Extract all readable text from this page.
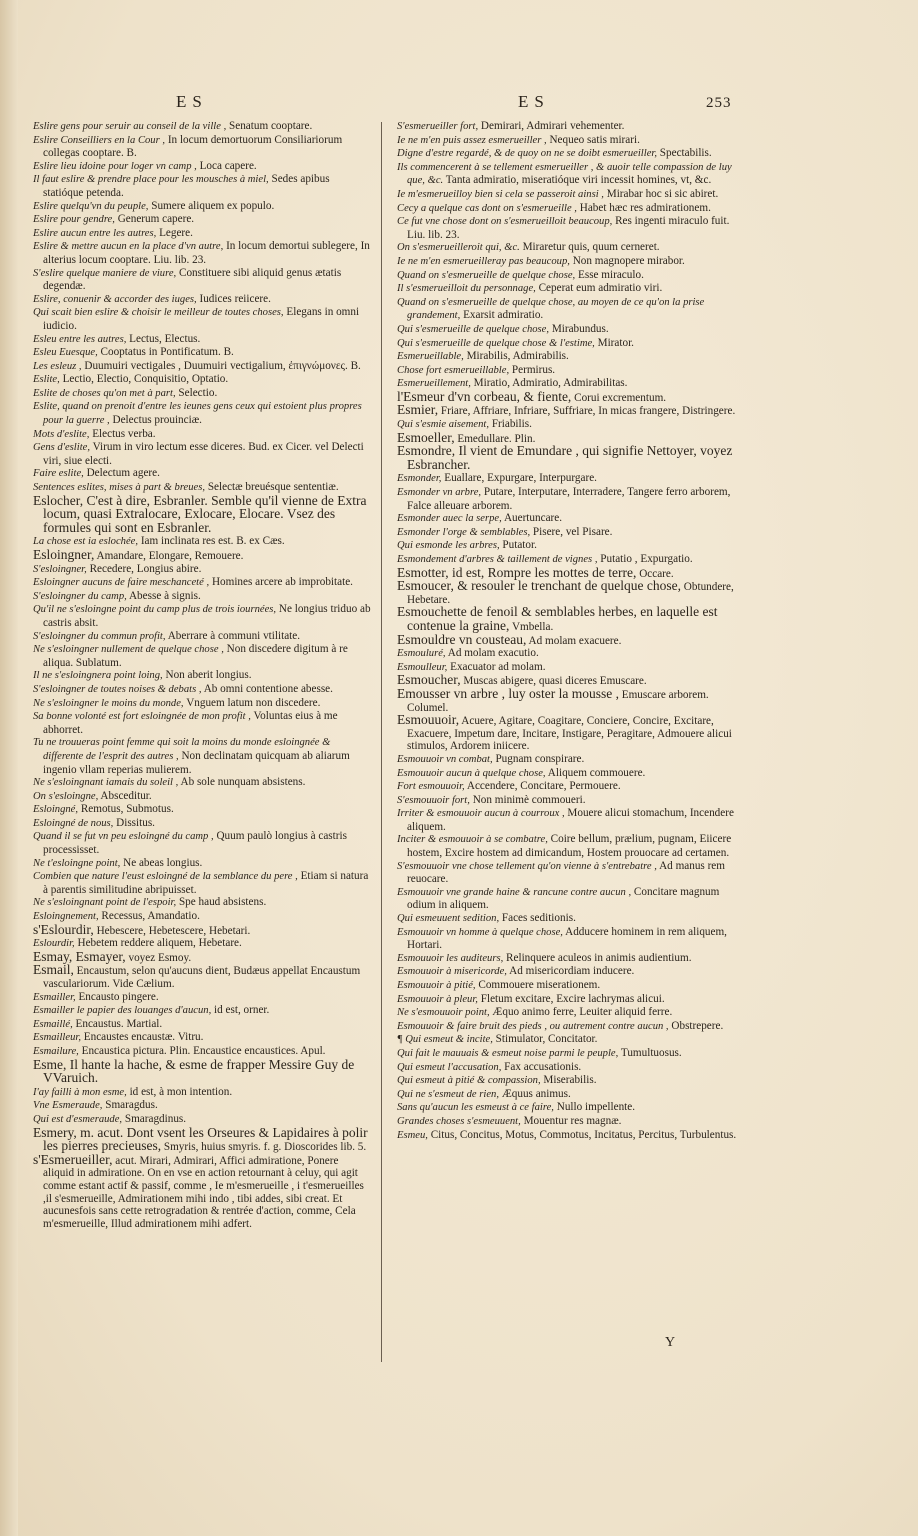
ES	ES	253

Eslire gens pour seruir au conseil de la ville , Senatum cooptare.

Eslire Conseilliers en la Cour , In locum demortuorum Consiliariorum collegas cooptare. B.

Eslire lieu idoine pour loger vn camp , Loca capere.

Il faut eslire & prendre place pour les mousches à miel, Sedes apibus statióque petenda.

Eslire quelqu'vn du peuple, Sumere aliquem ex populo.

Eslire pour gendre, Generum capere.

Eslire aucun entre les autres, Legere.

Eslire & mettre aucun en la place d'vn autre, In locum demortui sublegere, In alterius locum cooptare. Liu. lib. 23.

S'eslire quelque maniere de viure, Constituere sibi aliquid genus ætatis degendæ.

Eslire, conuenir & accorder des iuges, Iudices reiicere.

Qui scait bien eslire & choisir le meilleur de toutes choses, Elegans in omni iudicio.

Esleu entre les autres, Lectus, Electus.

Esleu Euesque, Cooptatus in Pontificatum. B.

Les esleuz , Duumuiri vectigales , Duumuiri vectigalium, ἐπιγνώμονες. B.

Eslite, Lectio, Electio, Conquisitio, Optatio.

Eslite de choses qu'on met à part, Selectio.

Eslite, quand on prenoit d'entre les ieunes gens ceux qui estoient plus propres pour la guerre , Delectus prouinciæ.

Mots d'eslite, Electus verba.

Gens d'eslite, Virum in viro lectum esse diceres. Bud. ex Cicer. vel Delecti viri, siue electi.

Faire eslite, Delectum agere.

Sentences eslites, mises à part & breues, Selectæ breuésque sententiæ.

Eslocher, C'est à dire, Esbranler. Semble qu'il vienne de Extra locum, quasi Extralocare, Exlocare, Elocare. Vsez des formules qui sont en Esbranler.

La chose est ia eslochée, Iam inclinata res est. B. ex Cæs.

Esloingner, Amandare, Elongare, Remouere.

S'esloingner, Recedere, Longius abire.

Esloingner aucuns de faire meschanceté , Homines arcere ab improbitate.

S'esloingner du camp, Abesse à signis.

Qu'il ne s'esloingne point du camp plus de trois iournées, Ne longius triduo ab castris absit.

S'esloingner du commun profit, Aberrare à communi vtilitate.

Ne s'esloingner nullement de quelque chose , Non discedere digitum à re aliqua. Sublatum.

Il ne s'esloingnera point loing, Non aberit longius.

S'esloingner de toutes noises & debats , Ab omni contentione abesse.

Ne s'esloingner le moins du monde, Vnguem latum non discedere.

Sa bonne volonté est fort esloingnée de mon profit , Voluntas eius à me abhorret.

Tu ne trouueras point femme qui soit la moins du monde esloingnée & differente de l'esprit des autres , Non declinatam quicquam ab aliarum ingenio vllam reperias mulierem.

Ne s'esloingnant iamais du soleil , Ab sole nunquam absistens.

On s'esloingne, Absceditur.

Esloingné, Remotus, Submotus.

Esloingné de nous, Dissitus.

Quand il se fut vn peu esloingné du camp , Quum paulò longius à castris processisset.

Ne t'esloingne point, Ne abeas longius.

Combien que nature l'eust esloingné de la semblance du pere , Etiam si natura à parentis similitudine abripuisset.

Ne s'esloingnant point de l'espoir, Spe haud absistens.

Esloingnement, Recessus, Amandatio.

s'Eslourdir, Hebescere, Hebetescere, Hebetari.

Eslourdir, Hebetem reddere aliquem, Hebetare.

Esmay, Esmayer, voyez Esmoy.

Esmail, Encaustum, selon qu'aucuns dient, Budæus appellat Encaustum vasculariorum. Vide Cælium.

Esmailler, Encausto pingere.

Esmailler le papier des louanges d'aucun, id est, orner.

Esmaillé, Encaustus. Martial.

Esmailleur, Encaustes encaustæ. Vitru.

Esmailure, Encaustica pictura. Plin. Encaustice encaustices. Apul.

Esme, Il hante la hache, & esme de frapper Messire Guy de VVaruich.

I'ay failli à mon esme, id est, à mon intention.

Vne Esmeraude, Smaragdus.

Qui est d'esmeraude, Smaragdinus.

Esmery, m. acut. Dont vsent les Orseures & Lapidaires à polir les pierres precieuses, Smyris, huius smyris. f. g. Dioscorides lib. 5.

s'Esmerueiller, acut. Mirari, Admirari, Affici admiratione, Ponere aliquid in admiratione. On en vse en action retournant à celuy, qui agit comme estant actif & passif, comme , Ie m'esmerueille , i t'esmerueilles ,il s'esmerueille, Admirationem mihi indo , tibi addes, sibi creat. Et aucunesfois sans cette retrogradation & rentrée d'action, comme, Cela m'esmerueille, Illud admirationem mihi adfert.

S'esmerueiller fort, Demirari, Admirari vehementer.

Ie ne m'en puis assez esmerueiller , Nequeo satis mirari.

Digne d'estre regardé, & de quoy on ne se doibt esmerueiller, Spectabilis.

Ils commencerent à se tellement esmerueiller , & auoir telle compassion de luy que, &c. Tanta admiratio, miseratióque viri incessit homines, vt, &c.

Ie m'esmerueilloy bien si cela se passeroit ainsi , Mirabar hoc si sic abiret.

Cecy a quelque cas dont on s'esmerueille , Habet hæc res admirationem.

Ce fut vne chose dont on s'esmerueilloit beaucoup, Res ingenti miraculo fuit. Liu. lib. 23.

On s'esmerueilleroit qui, &c. Miraretur quis, quum cerneret.

Ie ne m'en esmerueilleray pas beaucoup, Non magnopere mirabor.

Quand on s'esmerueille de quelque chose, Esse miraculo.

Il s'esmerueilloit du personnage, Ceperat eum admiratio viri.

Quand on s'esmerueille de quelque chose, au moyen de ce qu'on la prise grandement, Exarsit admiratio.

Qui s'esmerueille de quelque chose, Mirabundus.

Qui s'esmerueille de quelque chose & l'estime, Mirator.

Esmerueillable, Mirabilis, Admirabilis.

Chose fort esmerueillable, Permirus.

Esmerueillement, Miratio, Admiratio, Admirabilitas.

l'Esmeur d'vn corbeau, & fiente, Corui excrementum.

Esmier, Friare, Affriare, Infriare, Suffriare, In micas frangere, Distringere.

Qui s'esmie aisement, Friabilis.

Esmoeller, Emedullare. Plin.

Esmondre, Il vient de Emundare , qui signifie Nettoyer, voyez Esbrancher.

Esmonder, Euallare, Expurgare, Interpurgare.

Esmonder vn arbre, Putare, Interputare, Interradere, Tangere ferro arborem, Falce alleuare arborem.

Esmonder auec la serpe, Auertuncare.

Esmonder l'orge & semblables, Pisere, vel Pisare.

Qui esmonde les arbres, Putator.

Esmondement d'arbres & taillement de vignes , Putatio , Expurgatio.

Esmotter, id est, Rompre les mottes de terre, Occare.

Esmoucer, & resouler le trenchant de quelque chose, Obtundere, Hebetare.

Esmouchette de fenoil & semblables herbes, en laquelle est contenue la graine, Vmbella.

Esmouldre vn cousteau, Ad molam exacuere.

Esmouluré, Ad molam exacutio.

Esmoulleur, Exacuator ad molam.

Esmoucher, Muscas abigere, quasi diceres Emuscare.

Emousser vn arbre , luy oster la mousse , Emuscare arborem. Columel.

Esmouuoir, Acuere, Agitare, Coagitare, Conciere, Concire, Excitare, Exacuere, Impetum dare, Incitare, Instigare, Peragitare, Admouere alicui stimulos, Ardorem iniicere.

Esmouuoir vn combat, Pugnam conspirare.

Esmouuoir aucun à quelque chose, Aliquem commouere.

Fort esmouuoir, Accendere, Concitare, Permouere.

S'esmouuoir fort, Non minimè commoueri.

Irriter & esmouuoir aucun à courroux , Mouere alicui stomachum, Incendere aliquem.

Inciter & esmouuoir à se combatre, Coire bellum, prælium, pugnam, Eiicere hostem, Excire hostem ad dimicandum, Hostem prouocare ad certamen.

S'esmouuoir vne chose tellement qu'on vienne à s'entrebatre , Ad manus rem reuocare.

Esmouuoir vne grande haine & rancune contre aucun , Concitare magnum odium in aliquem.

Qui esmeuuent sedition, Faces seditionis.

Esmouuoir vn homme à quelque chose, Adducere hominem in rem aliquem, Hortari.

Esmouuoir les auditeurs, Relinquere aculeos in animis audientium.

Esmouuoir à misericorde, Ad misericordiam inducere.

Esmouuoir à pitié, Commouere miserationem.

Esmouuoir à pleur, Fletum excitare, Excire lachrymas alicui.

Ne s'esmouuoir point, Æquo animo ferre, Leuiter aliquid ferre.

Esmouuoir & faire bruit des pieds , ou autrement contre aucun , Obstrepere.

¶ Qui esmeut & incite, Stimulator, Concitator.

Qui fait le mauuais & esmeut noise parmi le peuple, Tumultuosus.

Qui esmeut l'accusation, Fax accusationis.

Qui esmeut à pitié & compassion, Miserabilis.

Qui ne s'esmeut de rien, Æquus animus.

Sans qu'aucun les esmeust à ce faire, Nullo impellente.

Grandes choses s'esmeuuent, Mouentur res magnæ.

Esmeu, Citus, Concitus, Motus, Commotus, Incitatus, Percitus, Turbulentus.

Y
